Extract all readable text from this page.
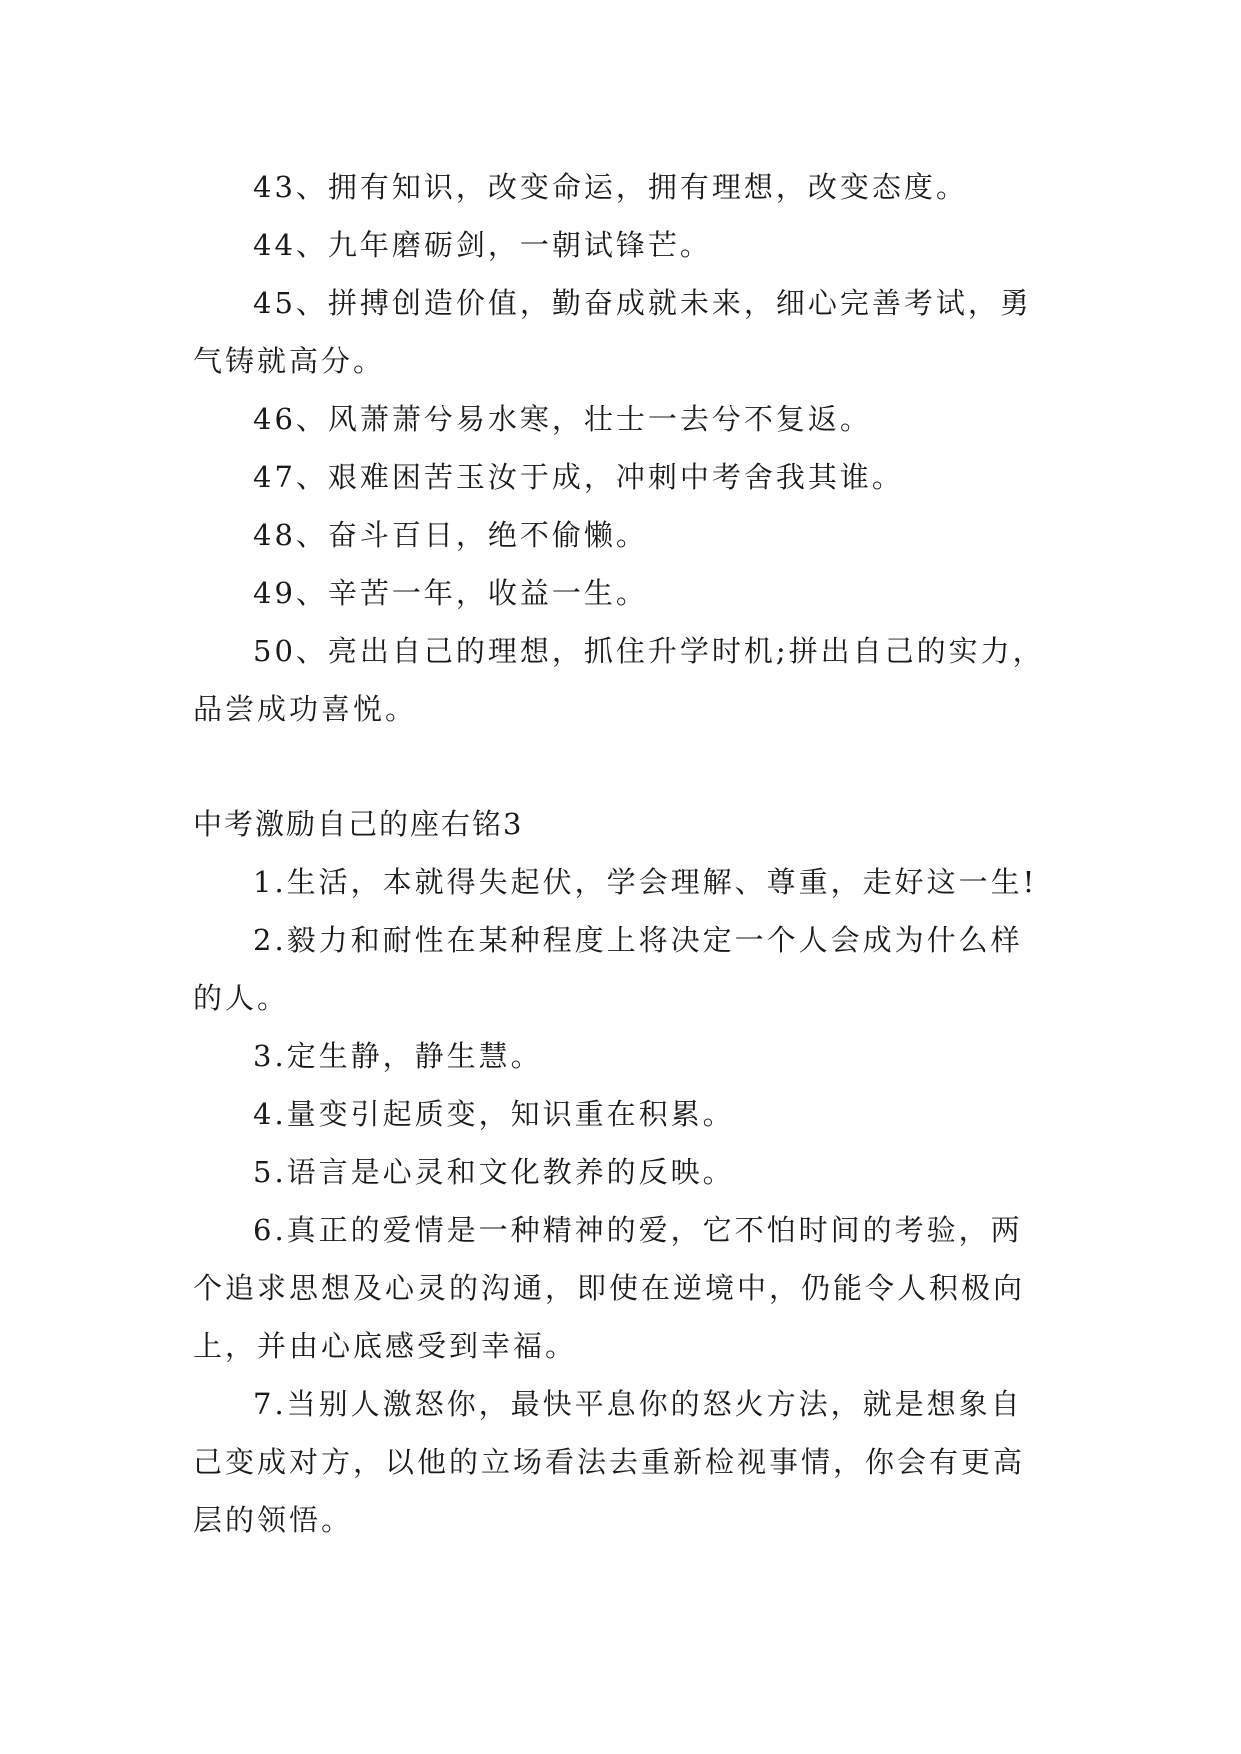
43、拥有知识，改变命运，拥有理想，改变态度。

44、九年磨砺剑，一朝试锋芒。

45、拼搏创造价值，勤奋成就未来，细心完善考试，勇气铸就高分。

46、风萧萧兮易水寒，壮士一去兮不复返。

47、艰难困苦玉汝于成，冲刺中考舍我其谁。

48、奋斗百日，绝不偷懒。

49、辛苦一年，收益一生。

50、亮出自己的理想，抓住升学时机;拼出自己的实力，品尝成功喜悦。

中考激励自己的座右铭3

1.生活，本就得失起伏，学会理解、尊重，走好这一生!

2.毅力和耐性在某种程度上将决定一个人会成为什么样的人。

3.定生静，静生慧。

4.量变引起质变，知识重在积累。

5.语言是心灵和文化教养的反映。

6.真正的爱情是一种精神的爱，它不怕时间的考验，两个追求思想及心灵的沟通，即使在逆境中，仍能令人积极向上，并由心底感受到幸福。

7.当别人激怒你，最快平息你的怒火方法，就是想象自己变成对方，以他的立场看法去重新检视事情，你会有更高层的领悟。
